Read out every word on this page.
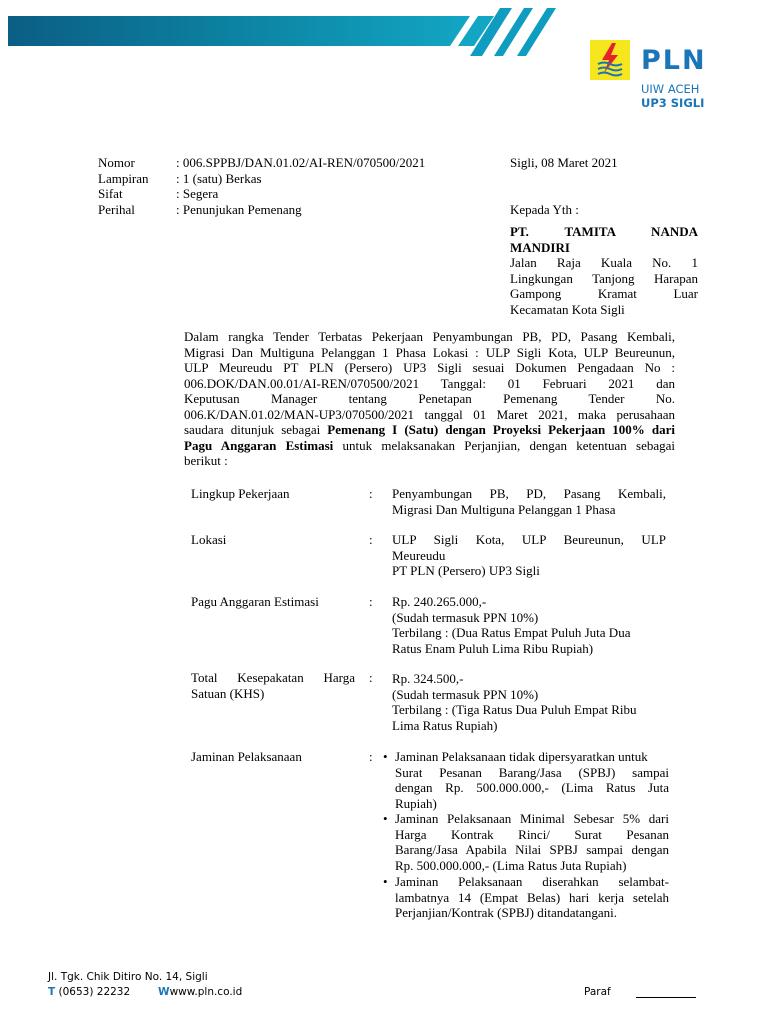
PLN
UIW ACEH
UP3 SIGLI
Nomor	: 006.SPPBJ/DAN.01.02/AI-REN/070500/2021
Lampiran : 1 (satu) Berkas
Sifat	: Segera
Perihal	: Penunjukan Pemenang
Sigli, 08 Maret 2021
Kepada Yth :
PT. TAMITA NANDA
MANDIRI
Jalan Raja Kuala No. 1
Lingkungan Tanjong Harapan
Gampong Kramat Luar
Kecamatan Kota Sigli
Dalam rangka Tender Terbatas Pekerjaan Penyambungan PB, PD, Pasang Kembali,
Migrasi Dan Multiguna Pelanggan 1 Phasa Lokasi : ULP Sigli Kota, ULP Beureunun,
ULP Meureudu PT PLN (Persero) UP3 Sigli sesuai Dokumen Pengadaan No :
006.DOK/DAN.00.01/AI-REN/070500/2021 Tanggal: 01 Februari 2021 dan
Keputusan Manager tentang Penetapan Pemenang Tender No.
006.K/DAN.01.02/MAN-UP3/070500/2021 tanggal 01 Maret 2021, maka perusahaan
saudara ditunjuk sebagai Pemenang I (Satu) dengan Proyeksi Pekerjaan 100% dari
Pagu Anggaran Estimasi untuk melaksanakan Perjanjian, dengan ketentuan sebagai
berikut :
Lingkup Pekerjaan	: Penyambungan PB, PD, Pasang Kembali,
Migrasi Dan Multiguna Pelanggan 1 Phasa
Lokasi	: ULP Sigli Kota, ULP Beureunun, ULP
Meureudu
PT PLN (Persero) UP3 Sigli
Pagu Anggaran Estimasi	: Rp. 240.265.000,-
(Sudah termasuk PPN 10%)
Terbilang : (Dua Ratus Empat Puluh Juta Dua
Ratus Enam Puluh Lima Ribu Rupiah)
Total Kesepakatan Harga
Satuan (KHS)
: Rp. 324.500,-
(Sudah termasuk PPN 10%)
Terbilang : (Tiga Ratus Dua Puluh Empat Ribu
Lima Ratus Rupiah)
Jaminan Pelaksanaan	: • Jaminan Pelaksanaan tidak dipersyaratkan untuk
Surat Pesanan Barang/Jasa (SPBJ) sampai
dengan Rp. 500.000.000,- (Lima Ratus Juta
Rupiah)
• Jaminan Pelaksanaan Minimal Sebesar 5% dari
Harga Kontrak Rinci/ Surat Pesanan
Barang/Jasa Apabila Nilai SPBJ sampai dengan
Rp. 500.000.000,- (Lima Ratus Juta Rupiah)
• Jaminan Pelaksanaan diserahkan selambat-
lambatnya 14 (Empat Belas) hari kerja setelah
Perjanjian/Kontrak (SPBJ) ditandatangani.
Jl. Tgk. Chik Ditiro No. 14, Sigli
T (0653) 22232	Wwww.pln.co.id	Paraf
